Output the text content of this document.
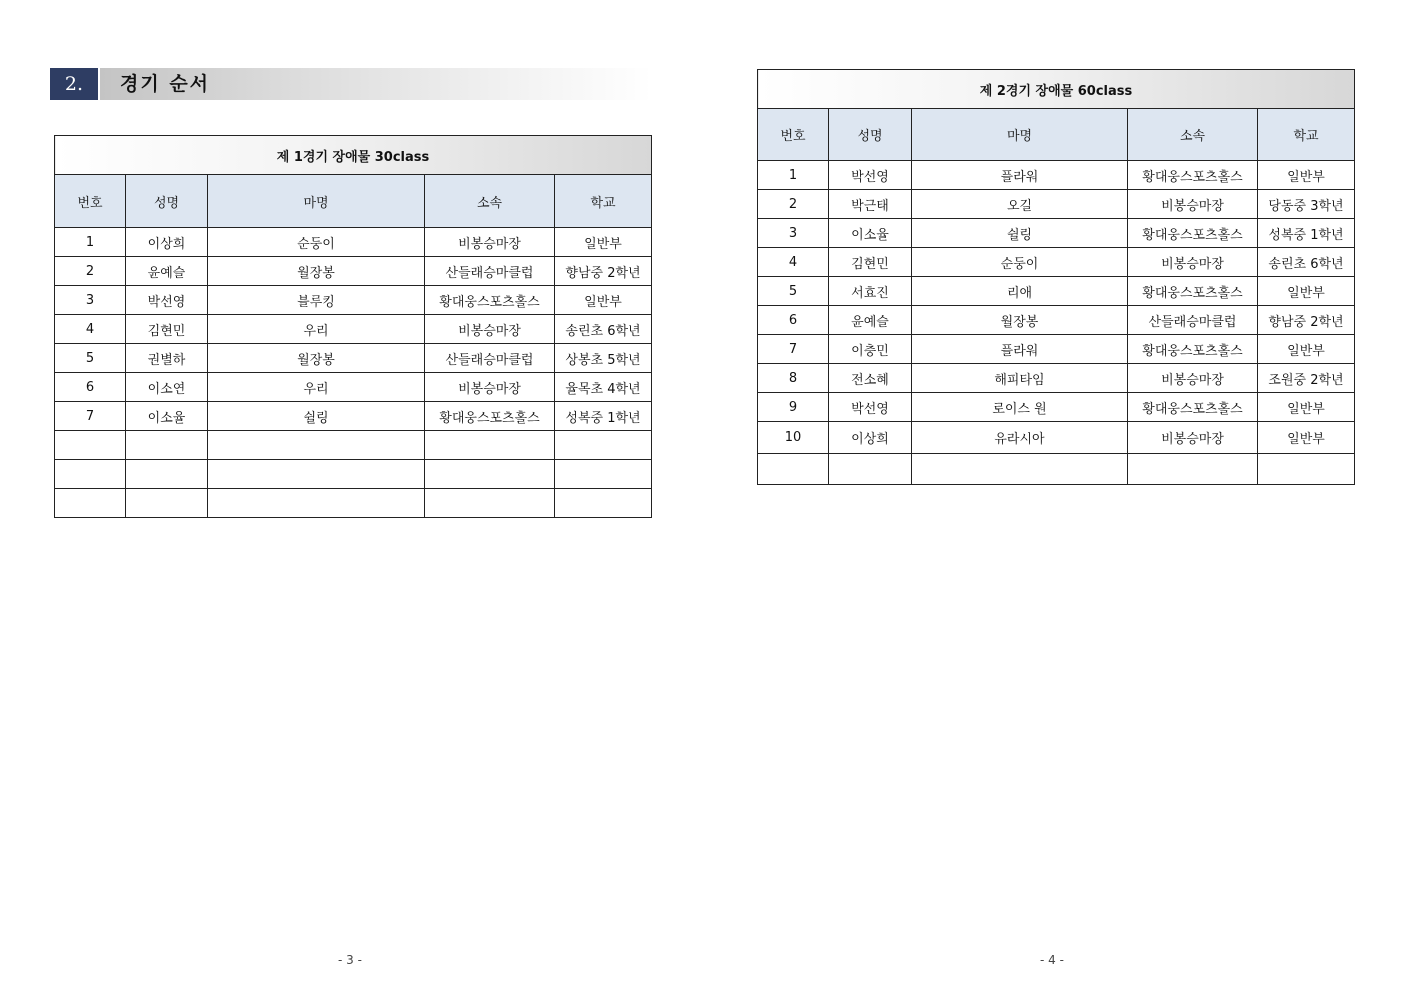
2.	경기 순서
제 1경기 장애물 30class				
번호	성명	마명	소속	학교
1	이상희	순둥이	비봉승마장	일반부
2	윤예슬	월장봉	산들래승마클럽	향남중 2학년
3	박선영	블루킹	황대웅스포츠홀스	일반부
4	김현민	우리	비봉승마장	송린초 6학년
5	권별하	월장봉	산들래승마클럽	상봉초 5학년
6	이소연	우리	비봉승마장	율목초 4학년
7	이소율	쉴링	황대웅스포츠홀스	성복중 1학년

제 2경기 장애물 60class				
번호	성명	마명	소속	학교
1	박선영	플라워	황대웅스포츠홀스	일반부
2	박근태	오길	비봉승마장	당동중 3학년
3	이소율	쉴링	황대웅스포츠홀스	성복중 1학년
4	김현민	순둥이	비봉승마장	송린초 6학년
5	서효진	리애	황대웅스포츠홀스	일반부
6	윤예슬	월장봉	산들래승마클럽	향남중 2학년
7	이충민	플라워	황대웅스포츠홀스	일반부
8	전소혜	해피타임	비봉승마장	조원중 2학년
9	박선영	로이스 원	황대웅스포츠홀스	일반부
10	이상희	유라시아	비봉승마장	일반부

- 3 -	- 4 -
